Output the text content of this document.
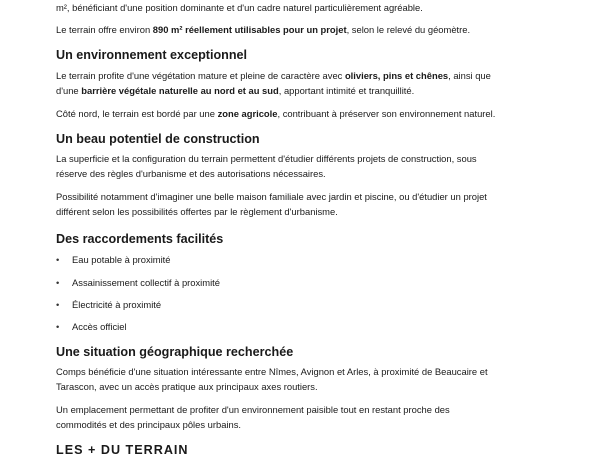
m², bénéficiant d'une position dominante et d'un cadre naturel particulièrement agréable.

Le terrain offre environ 890 m² réellement utilisables pour un projet, selon le relevé du géomètre.

Un environnement exceptionnel

Le terrain profite d'une végétation mature et pleine de caractère avec oliviers, pins et chênes, ainsi que
d'une barrière végétale naturelle au nord et au sud, apportant intimité et tranquillité.

Côté nord, le terrain est bordé par une zone agricole, contribuant à préserver son environnement naturel.

Un beau potentiel de construction

La superficie et la configuration du terrain permettent d'étudier différents projets de construction, sous
réserve des règles d'urbanisme et des autorisations nécessaires.

Possibilité notamment d'imaginer une belle maison familiale avec jardin et piscine, ou d'étudier un projet
différent selon les possibilités offertes par le règlement d'urbanisme.

Des raccordements facilités

• Eau potable à proximité

• Assainissement collectif à proximité

• Électricité à proximité

• Accès officiel

Une situation géographique recherchée

Comps bénéficie d'une situation intéressante entre Nîmes, Avignon et Arles, à proximité de Beaucaire et
Tarascon, avec un accès pratique aux principaux axes routiers.

Un emplacement permettant de profiter d'un environnement paisible tout en restant proche des
commodités et des principaux pôles urbains.

LES + DU TERRAIN
